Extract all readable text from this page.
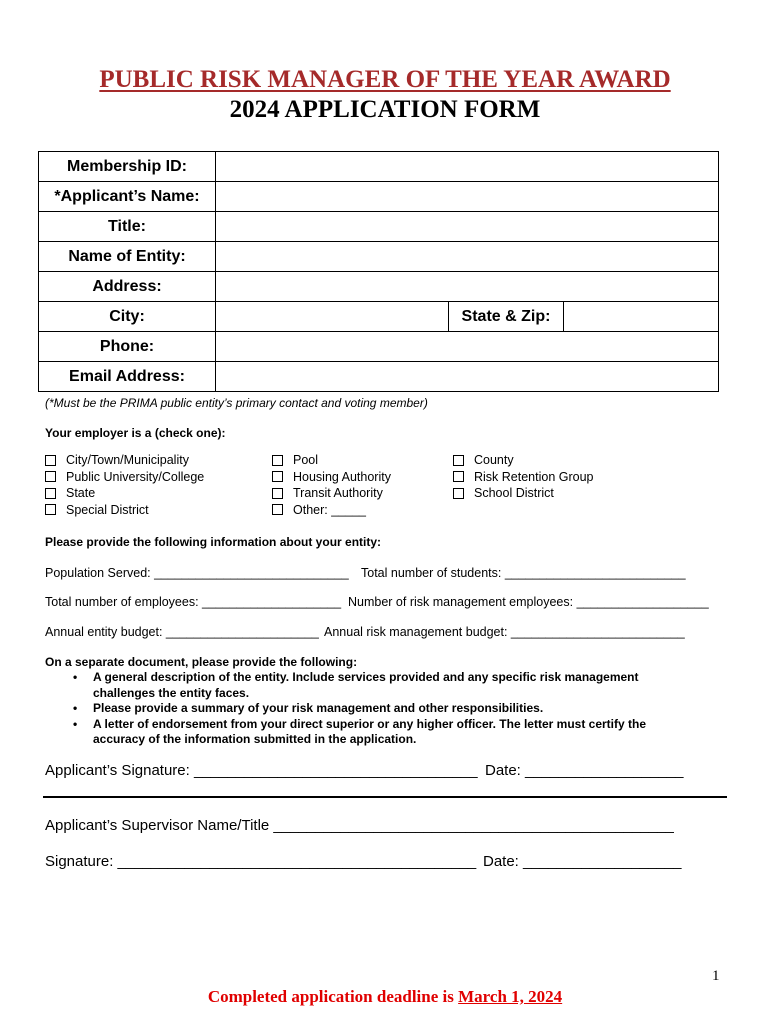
PUBLIC RISK MANAGER OF THE YEAR AWARD
2024 APPLICATION FORM
Membership ID:			
*Applicant’s Name:			
Title:			
Name of Entity:			
Address:			
City:		State & Zip:	
Phone:			
Email Address:			
(*Must be the PRIMA public entity’s primary contact and voting member)
Your employer is a (check one):
City/Town/Municipality
Public University/College
State
Special District
Pool
Housing Authority
Transit Authority
Other: _____
County
Risk Retention Group
School District
Please provide the following information about your entity:
Population Served: ____________________________ Total number of students: __________________________
Total number of employees: ____________________ Number of risk management employees: ___________________
Annual entity budget: ______________________ Annual risk management budget: _________________________
On a separate document, please provide the following:
• A general description of the entity. Include services provided and any specific risk management challenges the entity faces.
• Please provide a summary of your risk management and other responsibilities.
• A letter of endorsement from your direct superior or any higher officer. The letter must certify the accuracy of the information submitted in the application.
Applicant’s Signature: __________________________________ Date: ___________________
Applicant’s Supervisor Name/Title ________________________________________________
Signature: ___________________________________________ Date: ___________________
1
Completed application deadline is March 1, 2024
